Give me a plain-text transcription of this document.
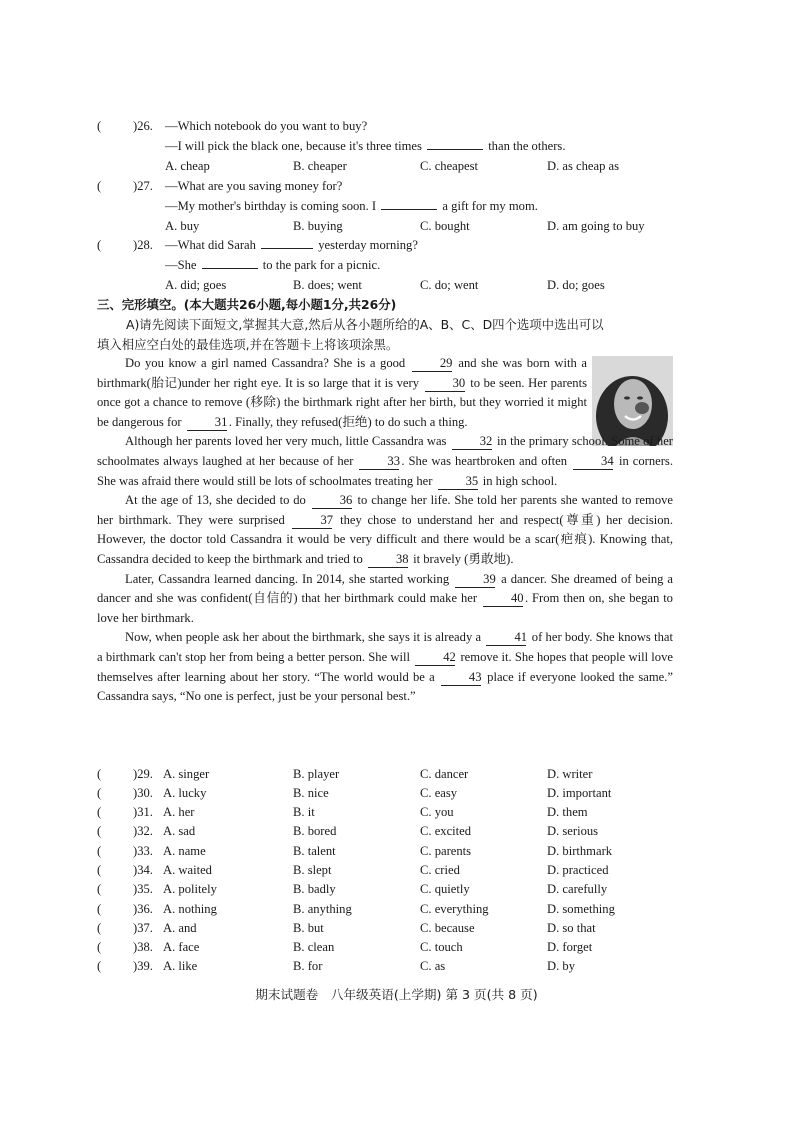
(	)26. —Which notebook do you want to buy?
—I will pick the black one, because it's three times	than the others.
A. cheap	B. cheaper	C. cheapest	D. as cheap as
(	)27. —What are you saving money for?
—My mother's birthday is coming soon. I	a gift for my mom.
A. buy	B. buying	C. bought	D. am going to buy
(	)28. —What did Sarah	yesterday morning?
—She	to the park for a picnic.
A. did; goes	B. does; went	C. do; went	D. do; goes
三、完形填空。(本大题共26小题,每小题1分,共26分)
A)请先阅读下面短文,掌握其大意,然后从各小题所给的A、B、C、D四个选项中选出可以
填入相应空白处的最佳选项,并在答题卡上将该项涂黑。

Do you know a girl named Cassandra? She is a good	29 and she was born with a birthmark(胎记)under her right eye. It is so large that it is very	30 to be seen. Her parents once got a chance to remove (移除) the birthmark right after her birth, but they worried it might be dangerous for	31. Finally, they refused(拒绝) to do such a thing.

Although her parents loved her very much, little Cassandra was	32 in the primary school. Some of her schoolmates always laughed at her because of her	33. She was heartbroken and often	34 in corners. She was afraid there would still be lots of schoolmates treating her	35 in high school.

At the age of 13, she decided to do	36 to change her life. She told her parents she wanted to remove her birthmark. They were surprised	37 they chose to understand her and respect(尊重) her decision. However, the doctor told Cassandra it would be very difficult and there would be a scar(疤痕). Knowing that, Cassandra decided to keep the birthmark and tried to	38 it bravely (勇敢地).

Later, Cassandra learned dancing. In 2014, she started working	39 a dancer. She dreamed of being a dancer and she was confident(自信的) that her birthmark could make her	40. From then on, she began to love her birthmark.

Now, when people ask her about the birthmark, she says it is already a	41 of her body. She knows that a birthmark can't stop her from being a better person. She will	42 remove it. She hopes that people will love themselves after learning about her story. “The world would be a	43 place if everyone looked the same.” Cassandra says, “No one is perfect, just be your personal best.”

(	)29. A. singer	B. player	C. dancer	D. writer
(	)30. A. lucky	B. nice	C. easy	D. important
(	)31. A. her	B. it	C. you	D. them
(	)32. A. sad	B. bored	C. excited	D. serious
(	)33. A. name	B. talent	C. parents	D. birthmark
(	)34. A. waited	B. slept	C. cried	D. practiced
(	)35. A. politely	B. badly	C. quietly	D. carefully
(	)36. A. nothing	B. anything	C. everything	D. something
(	)37. A. and	B. but	C. because	D. so that
(	)38. A. face	B. clean	C. touch	D. forget
(	)39. A. like	B. for	C. as	D. by
期末试题卷　八年级英语(上学期) 第 3 页(共 8 页)
